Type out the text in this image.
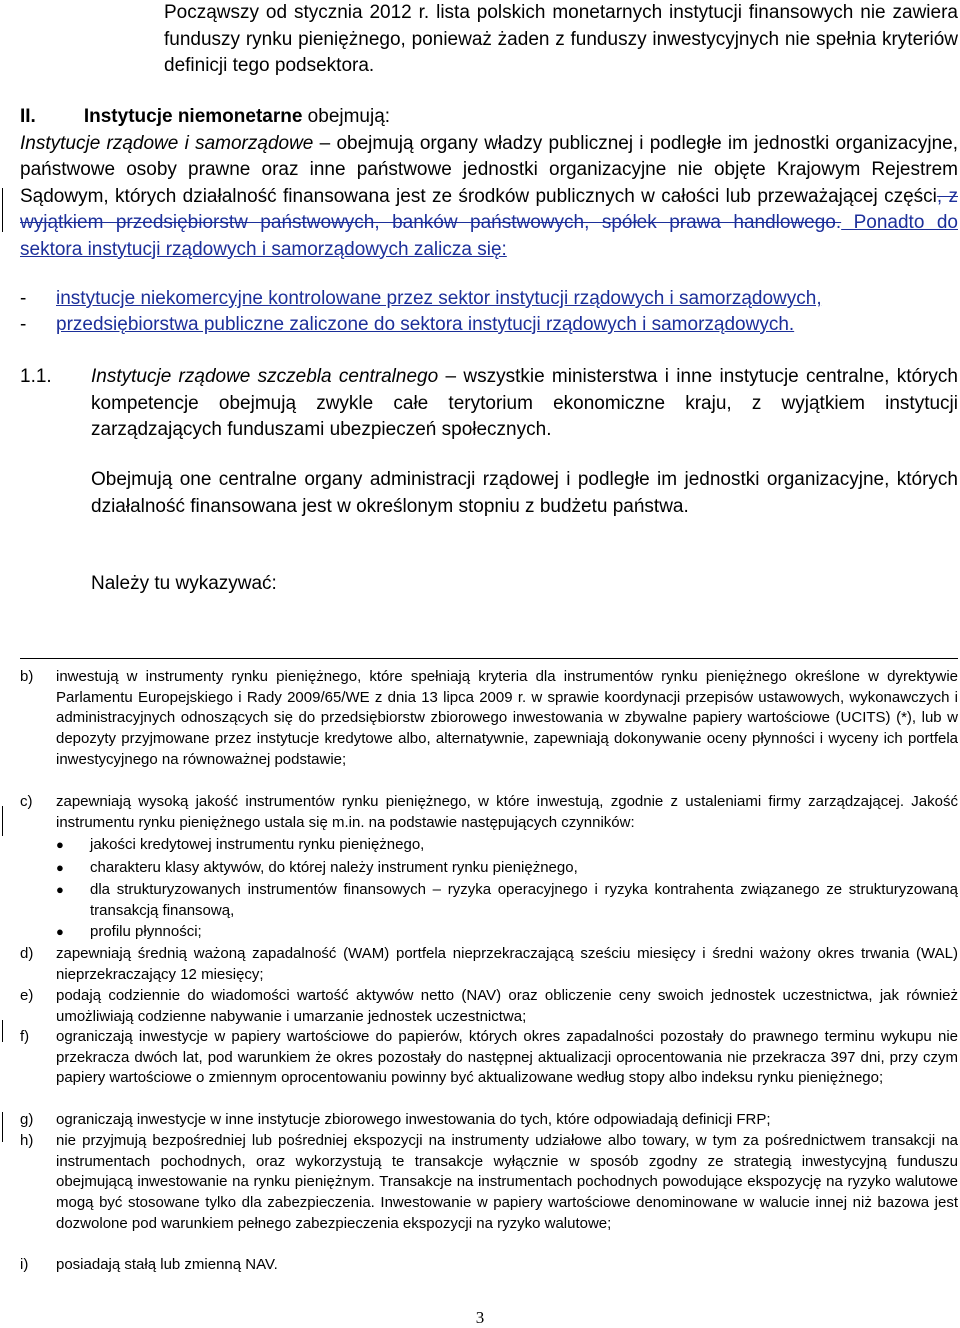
Począwszy od stycznia 2012 r. lista polskich monetarnych instytucji finansowych nie zawiera funduszy rynku pieniężnego, ponieważ żaden z funduszy inwestycyjnych nie spełnia kryteriów definicji tego podsektora.
II.	Instytucje niemonetarne obejmują:
Instytucje rządowe i samorządowe – obejmują organy władzy publicznej i podległe im jednostki organizacyjne, państwowe osoby prawne oraz inne państwowe jednostki organizacyjne nie objęte Krajowym Rejestrem Sądowym, których działalność finansowana jest ze środków publicznych w całości lub przeważającej części, z wyjątkiem przedsiębiorstw państwowych, banków państwowych, spółek prawa handlowego. Ponadto do sektora instytucji rządowych i samorządowych zalicza się:
- instytucje niekomercyjne kontrolowane przez sektor instytucji rządowych i samorządowych,
- przedsiębiorstwa publiczne zaliczone do sektora instytucji rządowych i samorządowych.
1.1. Instytucje rządowe szczebla centralnego – wszystkie ministerstwa i inne instytucje centralne, których kompetencje obejmują zwykle całe terytorium ekonomiczne kraju, z wyjątkiem instytucji zarządzających funduszami ubezpieczeń społecznych.
Obejmują one centralne organy administracji rządowej i podległe im jednostki organizacyjne, których działalność finansowana jest w określonym stopniu z budżetu państwa.
Należy tu wykazywać:
b) inwestują w instrumenty rynku pieniężnego, które spełniają kryteria dla instrumentów rynku pieniężnego określone w dyrektywie Parlamentu Europejskiego i Rady 2009/65/WE z dnia 13 lipca 2009 r. w sprawie koordynacji przepisów ustawowych, wykonawczych i administracyjnych odnoszących się do przedsiębiorstw zbiorowego inwestowania w zbywalne papiery wartościowe (UCITS) (*), lub w depozyty przyjmowane przez instytucje kredytowe albo, alternatywnie, zapewniają dokonywanie oceny płynności i wyceny ich portfela inwestycyjnego na równoważnej podstawie;
c) zapewniają wysoką jakość instrumentów rynku pieniężnego, w które inwestują, zgodnie z ustaleniami firmy zarządzającej. Jakość instrumentu rynku pieniężnego ustala się m.in. na podstawie następujących czynników:
● jakości kredytowej instrumentu rynku pieniężnego,
● charakteru klasy aktywów, do której należy instrument rynku pieniężnego,
● dla strukturyzowanych instrumentów finansowych – ryzyka operacyjnego i ryzyka kontrahenta związanego ze strukturyzowaną transakcją finansową,
● profilu płynności;
d) zapewniają średnią ważoną zapadalność (WAM) portfela nieprzekraczającą sześciu miesięcy i średni ważony okres trwania (WAL) nieprzekraczający 12 miesięcy;
e) podają codziennie do wiadomości wartość aktywów netto (NAV) oraz obliczenie ceny swoich jednostek uczestnictwa, jak również umożliwiają codzienne nabywanie i umarzanie jednostek uczestnictwa;
f) ograniczają inwestycje w papiery wartościowe do papierów, których okres zapadalności pozostały do prawnego terminu wykupu nie przekracza dwóch lat, pod warunkiem że okres pozostały do następnej aktualizacji oprocentowania nie przekracza 397 dni, przy czym papiery wartościowe o zmiennym oprocentowaniu powinny być aktualizowane według stopy albo indeksu rynku pieniężnego;
g) ograniczają inwestycje w inne instytucje zbiorowego inwestowania do tych, które odpowiadają definicji FRP;
h) nie przyjmują bezpośredniej lub pośredniej ekspozycji na instrumenty udziałowe albo towary, w tym za pośrednictwem transakcji na instrumentach pochodnych, oraz wykorzystują te transakcje wyłącznie w sposób zgodny ze strategią inwestycyjną funduszu obejmującą inwestowanie na rynku pieniężnym. Transakcje na instrumentach pochodnych powodujące ekspozycję na ryzyko walutowe mogą być stosowane tylko dla zabezpieczenia. Inwestowanie w papiery wartościowe denominowane w walucie innej niż bazowa jest dozwolone pod warunkiem pełnego zabezpieczenia ekspozycji na ryzyko walutowe;
i) posiadają stałą lub zmienną NAV.
3
